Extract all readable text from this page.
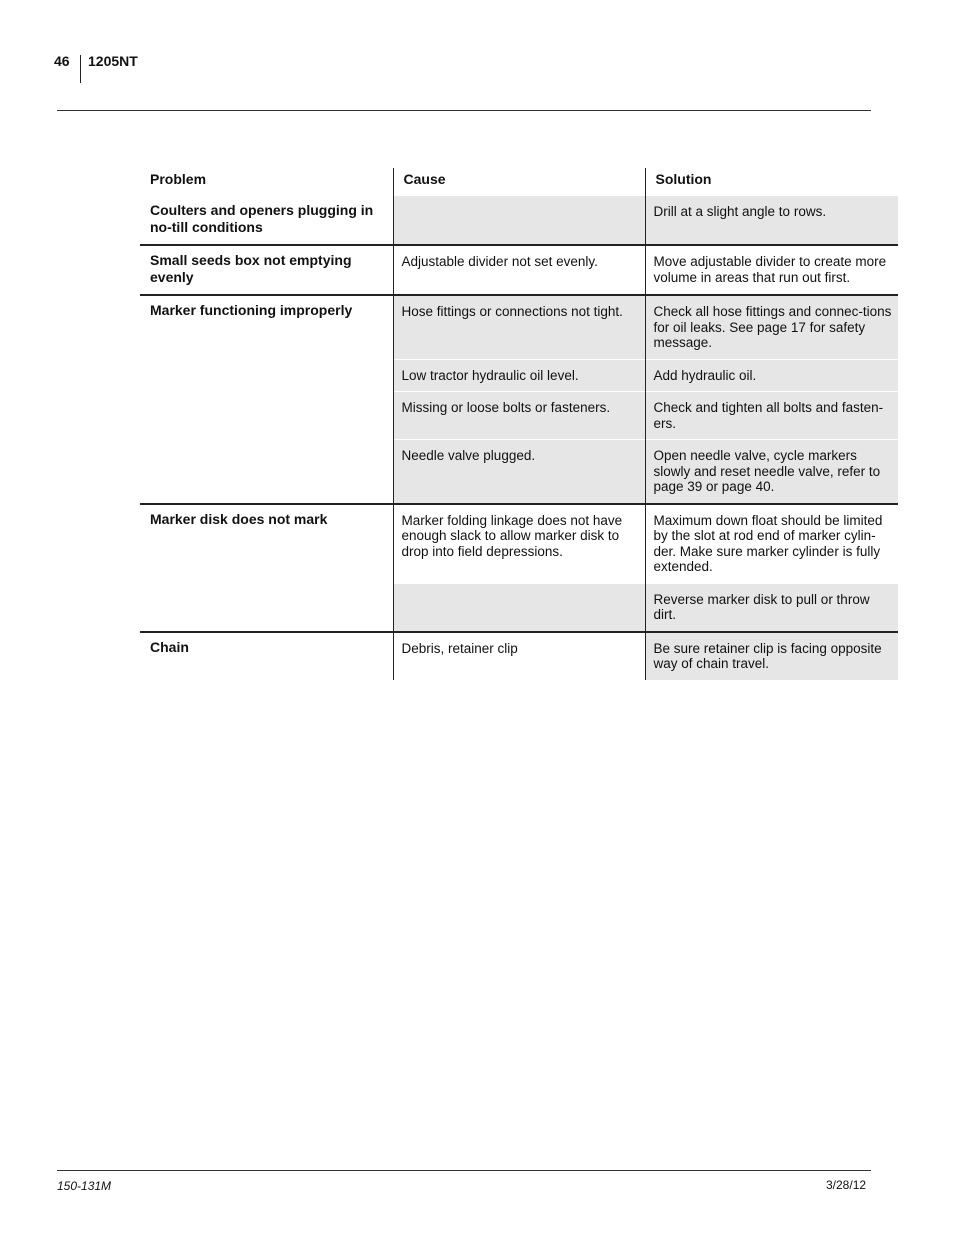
46 1205NT
Problem	Cause	Solution
Coulters and openers plugging in no-till conditions		Drill at a slight angle to rows.
Small seeds box not emptying evenly	Adjustable divider not set evenly.	Move adjustable divider to create more volume in areas that run out first.
Marker functioning improperly	Hose fittings or connections not tight.	Check all hose fittings and connec-tions for oil leaks. See page 17 for safety message.
	Low tractor hydraulic oil level.	Add hydraulic oil.
	Missing or loose bolts or fasteners.	Check and tighten all bolts and fasten-ers.
	Needle valve plugged.	Open needle valve, cycle markers slowly and reset needle valve, refer to page 39 or page 40.
Marker disk does not mark	Marker folding linkage does not have enough slack to allow marker disk to drop into field depressions.	Maximum down float should be limited by the slot at rod end of marker cylin-der. Make sure marker cylinder is fully extended.
		Reverse marker disk to pull or throw dirt.
Chain	Debris, retainer clip	Be sure retainer clip is facing opposite way of chain travel.
150-131M	3/28/12
